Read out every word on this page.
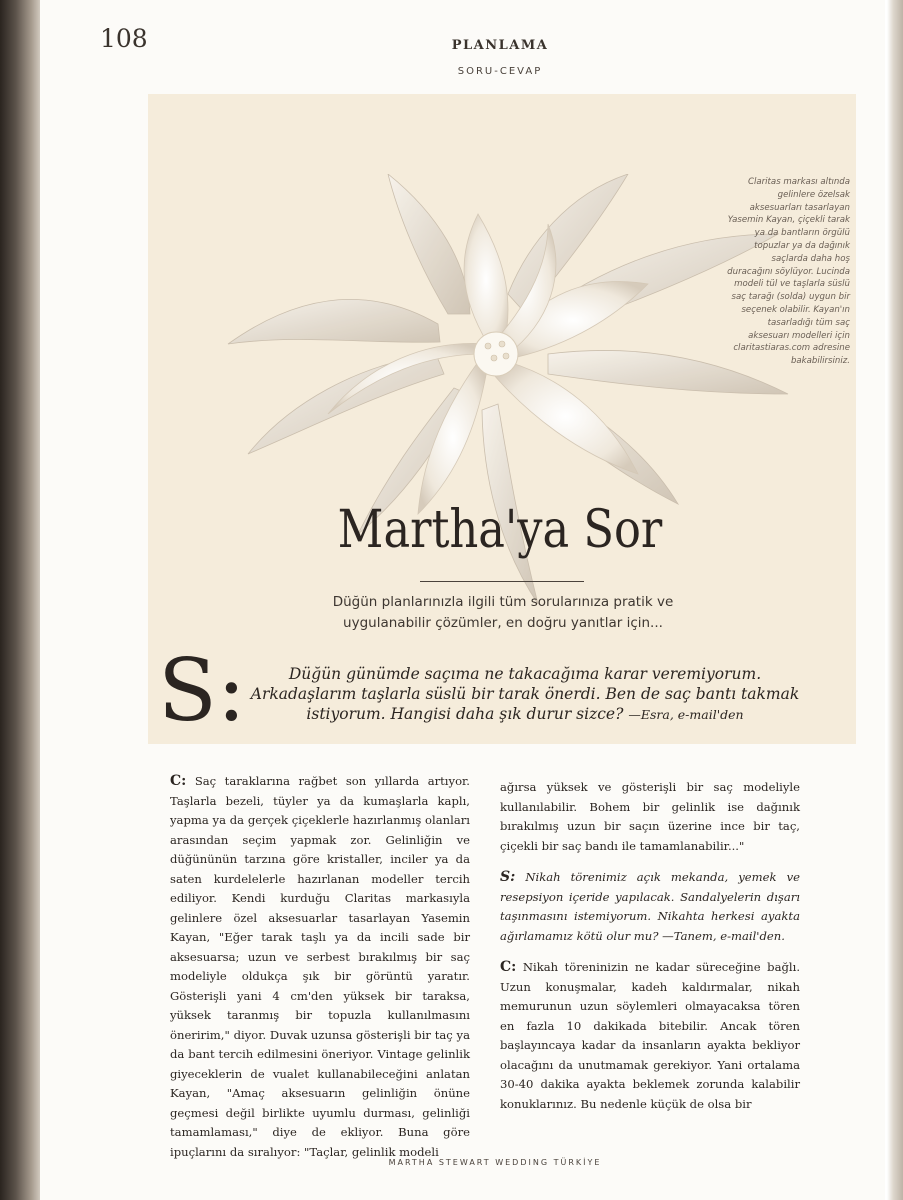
108	PLANLAMA
SORU-CEVAP
Claritas markası altında gelinlere özelsak aksesuarları tasarlayan Yasemin Kayan, çiçekli tarak ya da bantların örgülü topuzlar ya da dağınık saçlarda daha hoş duracağını söylüyor. Lucinda modeli tül ve taşlarla süslü saç tarağı (solda) uygun bir seçenek olabilir. Kayan'ın tasarladığı tüm saç aksesuarı modelleri için claritastiaras.com adresine bakabilirsiniz.
Martha'ya Sor
Düğün planlarınızla ilgili tüm sorularınıza pratik ve uygulanabilir çözümler, en doğru yanıtlar için...
S:	Düğün günümde saçıma ne takacağıma karar veremiyorum. Arkadaşlarım taşlarla süslü bir tarak önerdi. Ben de saç bantı takmak istiyorum. Hangisi daha şık durur sizce? —Esra, e-mail'den

C: Saç taraklarına rağbet son yıllarda artıyor. Taşlarla bezeli, tüyler ya da kumaşlarla kaplı, yapma ya da gerçek çiçeklerle hazırlanmış olanları arasından seçim yapmak zor. Gelinliğin ve düğününün tarzına göre kristaller, inciler ya da saten kurdelelerle hazırlanan modeller tercih ediliyor. Kendi kurduğu Claritas markasıyla gelinlere özel aksesuarlar tasarlayan Yasemin Kayan, "Eğer tarak taşlı ya da incili sade bir aksesuarsa; uzun ve serbest bırakılmış bir saç modeliyle oldukça şık bir görüntü yaratır. Gösterişli yani 4 cm'den yüksek bir taraksa, yüksek taranmış bir topuzla kullanılmasını öneririm," diyor. Duvak uzunsa gösterişli bir taç ya da bant tercih edilmesini öneriyor. Vintage gelinlik giyeceklerin de vualet kullanabileceğini anlatan Kayan, "Amaç aksesuarın gelinliğin önüne geçmesi değil birlikte uyumlu durması, gelinliği tamamlaması," diye de ekliyor. Buna göre ipuçlarını da sıralıyor: "Taçlar, gelinlik modeli

ağırsa yüksek ve gösterişli bir saç modeliyle kullanılabilir. Bohem bir gelinlik ise dağınık bırakılmış uzun bir saçın üzerine ince bir taç, çiçekli bir saç bandı ile tamamlanabilir..."

S: Nikah törenimiz açık mekanda, yemek ve resepsiyon içeride yapılacak. Sandalyelerin dışarı taşınmasını istemiyorum. Nikahta herkesi ayakta ağırlamamız kötü olur mu? —Tanem, e-mail'den.

C: Nikah töreninizin ne kadar süreceğine bağlı. Uzun konuşmalar, kadeh kaldırmalar, nikah memurunun uzun söylemleri olmayacaksa tören en fazla 10 dakikada bitebilir. Ancak tören başlayıncaya kadar da insanların ayakta bekliyor olacağını da unutmamak gerekiyor. Yani ortalama 30-40 dakika ayakta beklemek zorunda kalabilir konuklarınız. Bu nedenle küçük de olsa bir

MARTHA STEWART WEDDING TÜRKİYE
